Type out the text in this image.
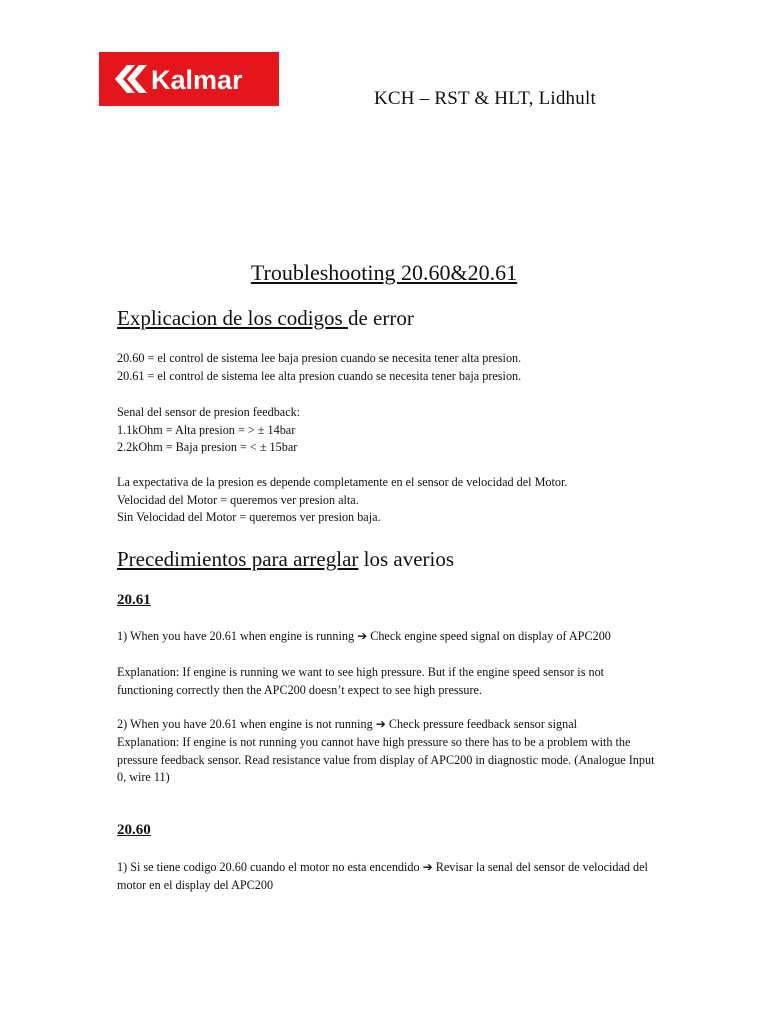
Kalmar
KCH – RST & HLT, Lidhult
Troubleshooting 20.60&20.61
Explicacion de los codigos de error
20.60 = el control de sistema lee baja presion cuando se necesita tener alta presion.
20.61 = el control de sistema lee alta presion cuando se necesita tener baja presion.
Senal del sensor de presion feedback:
1.1kOhm = Alta presion = > ± 14bar
2.2kOhm = Baja presion = < ± 15bar
La expectativa de la presion es depende completamente en el sensor de velocidad del Motor.
Velocidad del Motor = queremos ver presion alta.
Sin Velocidad del Motor = queremos ver presion baja.
Precedimientos para arreglar los averios
20.61
1) When you have 20.61 when engine is running ➔ Check engine speed signal on display of APC200
Explanation: If engine is running we want to see high pressure. But if the engine speed sensor is not functioning correctly then the APC200 doesn’t expect to see high pressure.
2) When you have 20.61 when engine is not running ➔ Check pressure feedback sensor signal
Explanation: If engine is not running you cannot have high pressure so there has to be a problem with the pressure feedback sensor. Read resistance value from display of APC200 in diagnostic mode. (Analogue Input 0, wire 11)
20.60
1) Si se tiene codigo 20.60 cuando el motor no esta encendido ➔ Revisar la senal del sensor de velocidad del motor en el display del APC200
